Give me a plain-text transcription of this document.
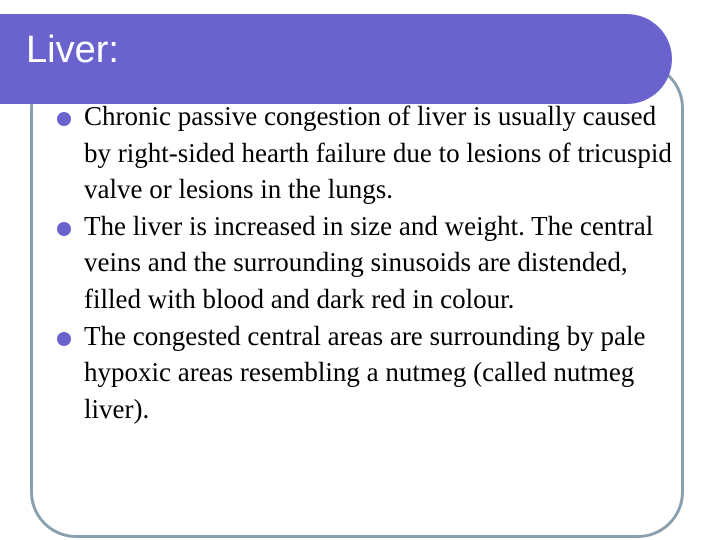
Liver:
Chronic passive congestion of liver is usually caused by right-sided hearth failure due to lesions of tricuspid valve or lesions in the lungs.
The liver is increased in size and weight. The central veins and the surrounding sinusoids are distended, filled with blood and dark red in colour.
The congested central areas are surrounding by pale hypoxic areas resembling a nutmeg (called nutmeg liver).
